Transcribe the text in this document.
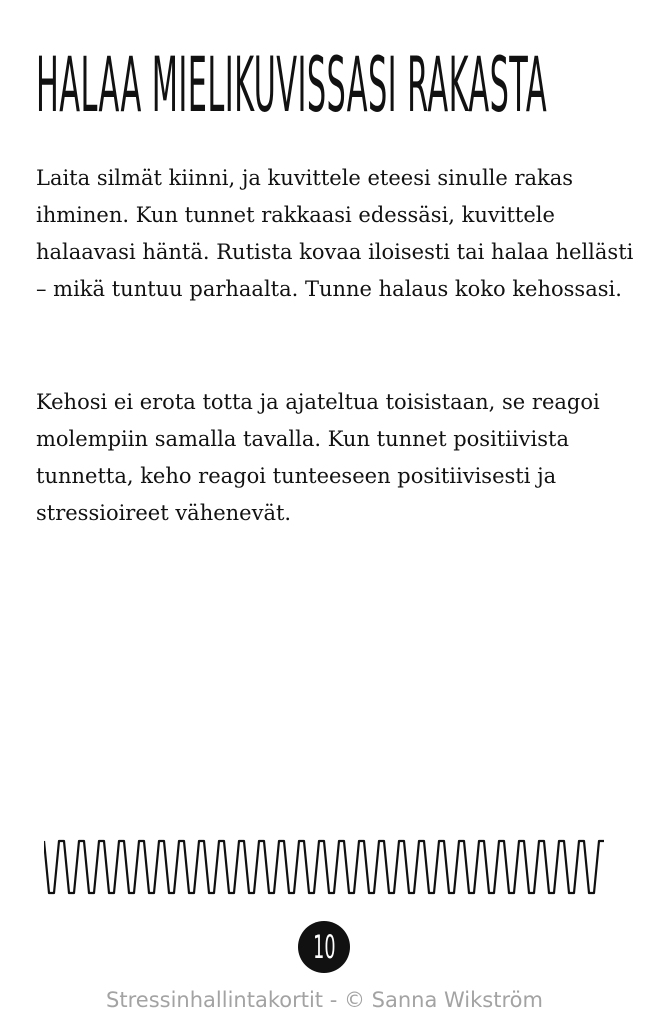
HALAA MIELIKUVISSASI RAKASTA

Laita silmät kiinni, ja kuvittele eteesi sinulle rakas ihminen. Kun tunnet rakkaasi edessäsi, kuvittele halaavasi häntä. Rutista kovaa iloisesti tai halaa hellästi – mikä tuntuu parhaalta. Tunne halaus koko kehossasi.

Kehosi ei erota totta ja ajateltua toisistaan, se reagoi molempiin samalla tavalla. Kun tunnet positiivista tunnetta, keho reagoi tunteeseen positiivisesti ja stressioireet vähenevät.

10

Stressinhallintakortit - © Sanna Wikström
